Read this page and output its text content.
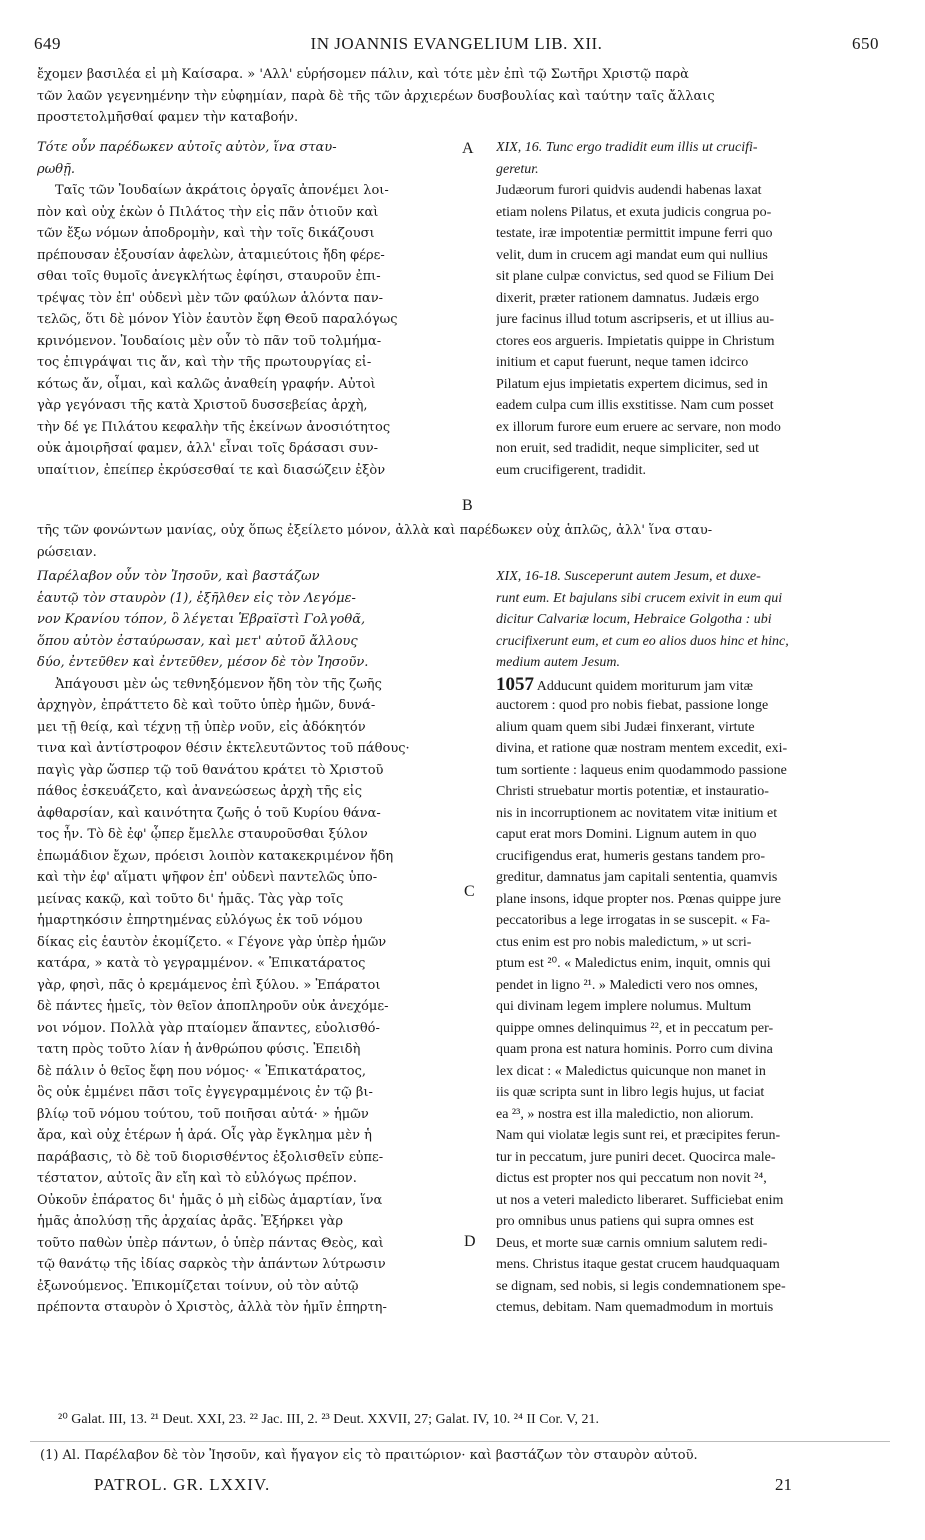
649	IN JOANNIS EVANGELIUM LIB. XII.	650
ἔχομεν βασιλέα εἰ μὴ Καίσαρα. » 'Αλλ' εὑρήσομεν πάλιν, καὶ τότε μὲν ἐπὶ τῷ Σωτῆρι Χριστῷ παρὰ
τῶν λαῶν γεγενημένην τὴν εὐφημίαν, παρὰ δὲ τῆς τῶν ἀρχιερέων δυσβουλίας καὶ ταύτην ταῖς ἄλλαις
προστετολμῆσθαί φαμεν τὴν καταβοήν.
Τότε οὖν παρέδωκεν αὐτοῖς αὐτὸν, ἵνα σταυ-
ρωθῇ.
Ταῖς τῶν Ἰουδαίων ἀκράτοις ὀργαῖς ἀπονέμει λοι-
πὸν καὶ οὐχ ἑκὼν ὁ Πιλάτος τὴν εἰς πᾶν ὁτιοῦν καὶ
τῶν ἔξω νόμων ἀποδρομὴν, καὶ τὴν τοῖς δικάζουσι
πρέπουσαν ἐξουσίαν ἀφελὼν, ἀταμιεύτοις ἤδη φέρε-
σθαι τοῖς θυμοῖς ἀνεγκλήτως ἐφίησι, σταυροῦν ἐπι-
τρέψας τὸν ἐπ' οὐδενὶ μὲν τῶν φαύλων ἁλόντα παν-
τελῶς, ὅτι δὲ μόνον Υἱὸν ἑαυτὸν ἔφη Θεοῦ παραλόγως
κρινόμενον. Ἰουδαίοις μὲν οὖν τὸ πᾶν τοῦ τολμήμα-
τος ἐπιγράψαι τις ἄν, καὶ τὴν τῆς πρωτουργίας εἰ-
κότως ἄν, οἶμαι, καὶ καλῶς ἀναθείη γραφήν. Αὐτοὶ
γὰρ γεγόνασι τῆς κατὰ Χριστοῦ δυσσεβείας ἀρχὴ,
τὴν δέ γε Πιλάτου κεφαλὴν τῆς ἐκείνων ἀνοσιότητος
οὐκ ἀμοιρῆσαί φαμεν, ἀλλ' εἶναι τοῖς δράσασι συν-
υπαίτιον, ἐπείπερ ἐκρύσεσθαί τε καὶ διασώζειν ἐξὸν
A
B
XIX, 16. Tunc ergo tradidit eum illis ut crucifi-
geretur.
Judæorum furori quidvis audendi habenas laxat
etiam nolens Pilatus, et exuta judicis congrua po-
testate, iræ impotentiæ permittit impune ferri quo
velit, dum in crucem agi mandat eum qui nullius
sit plane culpæ convictus, sed quod se Filium Dei
dixerit, præter rationem damnatus. Judæis ergo
jure facinus illud totum ascripseris, et ut illius au-
ctores eos argueris. Impietatis quippe in Christum
initium et caput fuerunt, neque tamen idcirco
Pilatum ejus impietatis expertem dicimus, sed in
eadem culpa cum illis exstitisse. Nam cum posset
ex illorum furore eum eruere ac servare, non modo
non eruit, sed tradidit, neque simpliciter, sed ut
eum crucifigerent, tradidit.
τῆς τῶν φονώντων μανίας, οὐχ ὅπως ἐξείλετο μόνον, ἀλλὰ καὶ παρέδωκεν οὐχ ἁπλῶς, ἀλλ' ἵνα σταυ-
ρώσειαν.
Παρέλαβον οὖν τὸν Ἰησοῦν, καὶ βαστάζων
ἑαυτῷ τὸν σταυρὸν (1), ἐξῆλθεν εἰς τὸν Λεγόμε-
νον Κρανίου τόπον, ὃ λέγεται Ἑβραϊστὶ Γολγοθᾶ,
ὅπου αὐτὸν ἐσταύρωσαν, καὶ μετ' αὐτοῦ ἄλλους
δύο, ἐντεῦθεν καὶ ἐντεῦθεν, μέσον δὲ τὸν Ἰησοῦν.
Ἀπάγουσι μὲν ὡς τεθνηξόμενον ἤδη τὸν τῆς ζωῆς
ἀρχηγὸν, ἐπράττετο δὲ καὶ τοῦτο ὑπὲρ ἡμῶν, δυνά-
μει τῇ θείᾳ, καὶ τέχνῃ τῇ ὑπὲρ νοῦν, εἰς ἀδόκητόν
τινα καὶ ἀντίστροφον θέσιν ἐκτελευτῶντος τοῦ πάθους·
παγὶς γὰρ ὥσπερ τῷ τοῦ θανάτου κράτει τὸ Χριστοῦ
πάθος ἐσκευάζετο, καὶ ἀνανεώσεως ἀρχὴ τῆς εἰς
ἀφθαρσίαν, καὶ καινότητα ζωῆς ὁ τοῦ Κυρίου θάνα-
τος ἦν. Τὸ δὲ ἐφ' ᾧπερ ἔμελλε σταυροῦσθαι ξύλον
ἐπωμάδιον ἔχων, πρόεισι λοιπὸν κατακεκριμένον ἤδη
καὶ τὴν ἐφ' αἵματι ψῆφον ἐπ' οὐδενὶ παντελῶς ὑπο-
μείνας κακῷ, καὶ τοῦτο δι' ἡμᾶς. Τὰς γὰρ τοῖς
ἡμαρτηκόσιν ἐπηρτημένας εὐλόγως ἐκ τοῦ νόμου
δίκας εἰς ἑαυτὸν ἐκομίζετο. « Γέγονε γὰρ ὑπὲρ ἡμῶν
κατάρα, » κατὰ τὸ γεγραμμένον. « Ἐπικατάρατος
γὰρ, φησὶ, πᾶς ὁ κρεμάμενος ἐπὶ ξύλου. » Ἐπάρατοι
δὲ πάντες ἡμεῖς, τὸν θεῖον ἀποπληροῦν οὐκ ἀνεχόμε-
νοι νόμον. Πολλὰ γὰρ πταίομεν ἅπαντες, εὐολισθό-
τατη πρὸς τοῦτο λίαν ἡ ἀνθρώπου φύσις. Ἐπειδὴ
δὲ πάλιν ὁ θεῖος ἔφη που νόμος· « Ἐπικατάρατος,
ὃς οὐκ ἐμμένει πᾶσι τοῖς ἐγγεγραμμένοις ἐν τῷ βι-
βλίῳ τοῦ νόμου τούτου, τοῦ ποιῆσαι αὐτά· » ἡμῶν
ἄρα, καὶ οὐχ ἑτέρων ἡ ἀρά. Οἷς γὰρ ἔγκλημα μὲν ἡ
παράβασις, τὸ δὲ τοῦ διορισθέντος ἐξολισθεῖν εὐπε-
τέστατον, αὐτοῖς ἂν εἴη καὶ τὸ εὐλόγως πρέπον.
Οὐκοῦν ἐπάρατος δι' ἡμᾶς ὁ μὴ εἰδὼς ἁμαρτίαν, ἵνα
ἡμᾶς ἀπολύσῃ τῆς ἀρχαίας ἀρᾶς. Ἐξήρκει γὰρ
τοῦτο παθὼν ὑπὲρ πάντων, ὁ ὑπὲρ πάντας Θεὸς, καὶ
τῷ θανάτῳ τῆς ἰδίας σαρκὸς τὴν ἁπάντων λύτρωσιν
ἐξωνούμενος. Ἐπικομίζεται τοίνυν, οὐ τὸν αὐτῷ
πρέποντα σταυρὸν ὁ Χριστὸς, ἀλλὰ τὸν ἡμῖν ἐπηρτη-
C
D
XIX, 16-18. Susceperunt autem Jesum, et duxe-
runt eum. Et bajulans sibi crucem exivit in eum qui
dicitur Calvariæ locum, Hebraice Golgotha : ubi
crucifixerunt eum, et cum eo alios duos hinc et hinc,
medium autem Jesum.
1057 Adducunt quidem moriturum jam vitæ
auctorem : quod pro nobis fiebat, passione longe
alium quam quem sibi Judæi finxerant, virtute
divina, et ratione quæ nostram mentem excedit, exi-
tum sortiente : laqueus enim quodammodo passione
Christi struebatur mortis potentiæ, et instauratio-
nis in incorruptionem ac novitatem vitæ initium et
caput erat mors Domini. Lignum autem in quo
crucifigendus erat, humeris gestans tandem pro-
greditur, damnatus jam capitali sententia, quamvis
plane insons, idque propter nos. Pœnas quippe jure
peccatoribus a lege irrogatas in se suscepit. « Fa-
ctus enim est pro nobis maledictum, » ut scri-
ptum est ²⁰. « Maledictus enim, inquit, omnis qui
pendet in ligno ²¹. » Maledicti vero nos omnes,
qui divinam legem implere nolumus. Multum
quippe omnes delinquimus ²², et in peccatum per-
quam prona est natura hominis. Porro cum divina
lex dicat : « Maledictus quicunque non manet in
iis quæ scripta sunt in libro legis hujus, ut faciat
ea ²³, » nostra est illa maledictio, non aliorum.
Nam qui violatæ legis sunt rei, et præcipites ferun-
tur in peccatum, jure puniri decet. Quocirca male-
dictus est propter nos qui peccatum non novit ²⁴,
ut nos a veteri maledicto liberaret. Sufficiebat enim
pro omnibus unus patiens qui supra omnes est
Deus, et morte suæ carnis omnium salutem redi-
mens. Christus itaque gestat crucem haudquaquam
se dignam, sed nobis, si legis condemnationem spe-
ctemus, debitam. Nam quemadmodum in mortuis
²⁰ Galat. III, 13. ²¹ Deut. XXI, 23. ²² Jac. III, 2. ²³ Deut. XXVII, 27; Galat. IV, 10. ²⁴ II Cor. V, 21.
(1) Al. Παρέλαβον δὲ τὸν Ἰησοῦν, καὶ ἤγαγον εἰς τὸ πραιτώριον· καὶ βαστάζων τὸν σταυρὸν αὐτοῦ.
PATROL. GR. LXXIV.	21
